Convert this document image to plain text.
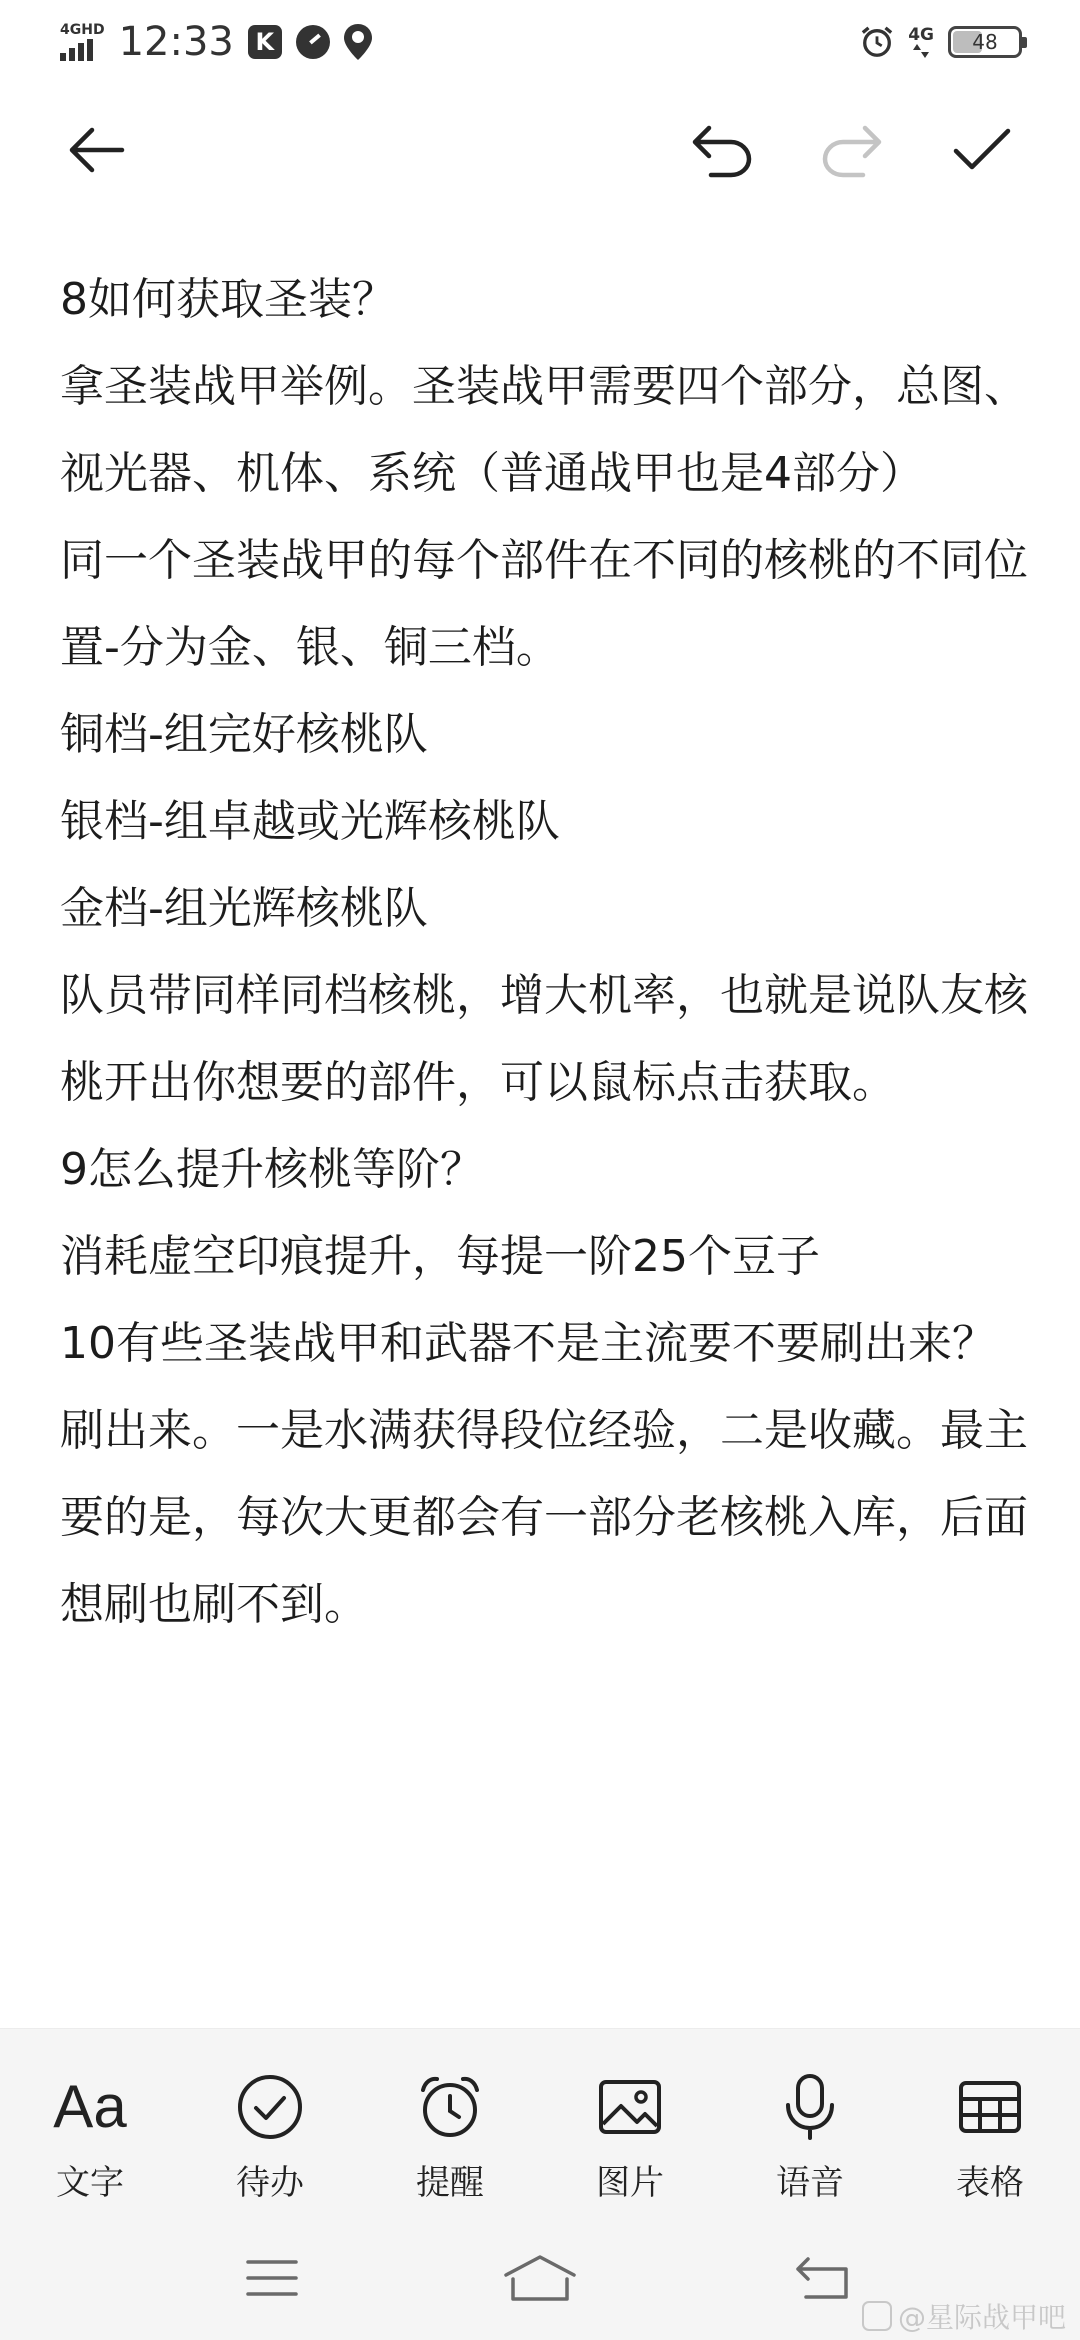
4GHD 12:33 K	4G 48

8如何获取圣装？

拿圣装战甲举例。圣装战甲需要四个部分，总图、视光器、机体、系统（普通战甲也是4部分）

同一个圣装战甲的每个部件在不同的核桃的不同位置-分为金、银、铜三档。

铜档-组完好核桃队

银档-组卓越或光辉核桃队

金档-组光辉核桃队

队员带同样同档核桃，增大机率，也就是说队友核桃开出你想要的部件，可以鼠标点击获取。

9怎么提升核桃等阶？

消耗虚空印痕提升，每提一阶25个豆子

10有些圣装战甲和武器不是主流要不要刷出来？

刷出来。一是水满获得段位经验，二是收藏。最主要的是，每次大更都会有一部分老核桃入库，后面想刷也刷不到。

Aa
文字	待办	提醒	图片	语音	表格
@星际战甲吧
